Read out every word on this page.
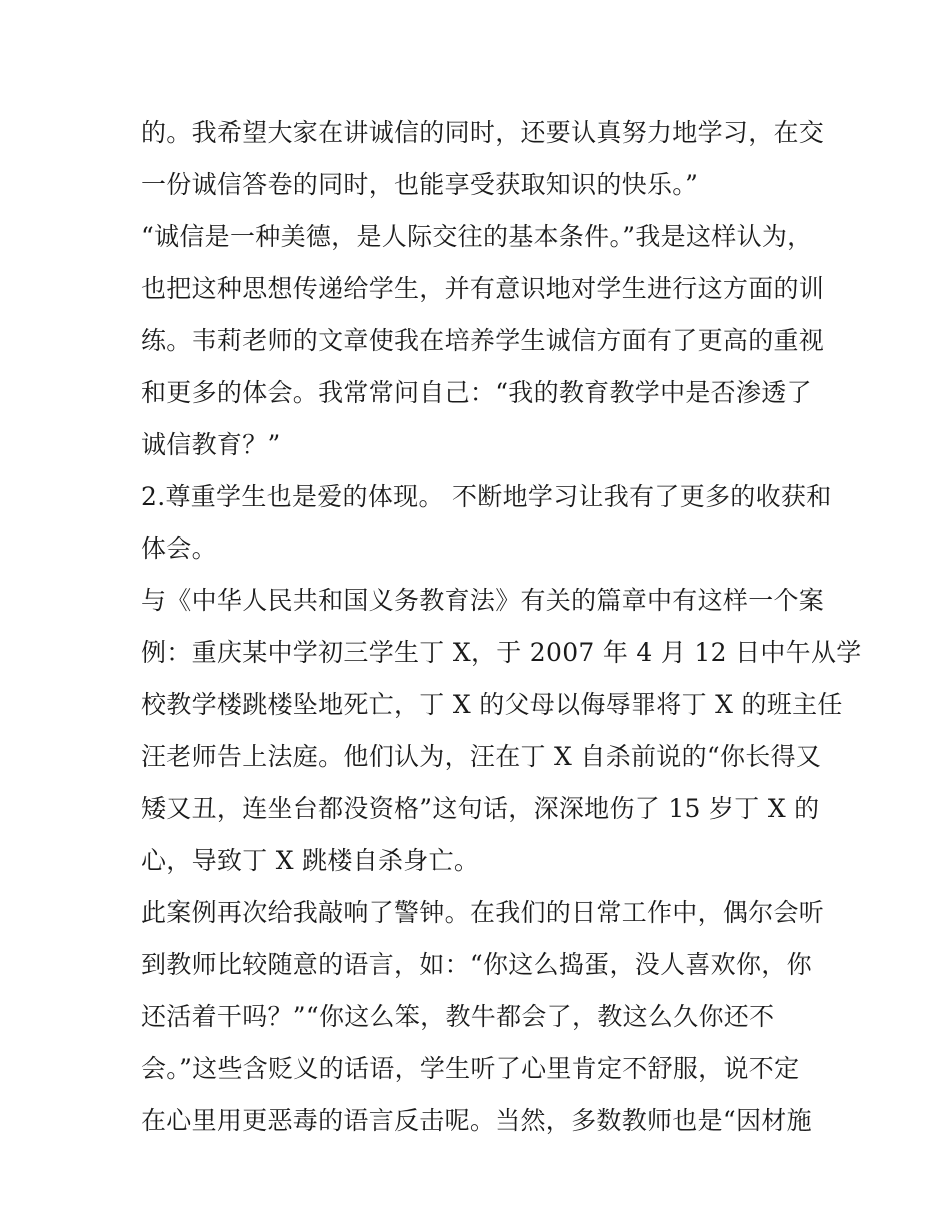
的。我希望大家在讲诚信的同时，还要认真努力地学习，在交
一份诚信答卷的同时，也能享受获取知识的快乐。”
“诚信是一种美德，是人际交往的基本条件。”我是这样认为，
也把这种思想传递给学生，并有意识地对学生进行这方面的训
练。韦莉老师的文章使我在培养学生诚信方面有了更高的重视
和更多的体会。我常常问自己：“我的教育教学中是否渗透了
诚信教育？”
2.尊重学生也是爱的体现。 不断地学习让我有了更多的收获和
体会。
与《中华人民共和国义务教育法》有关的篇章中有这样一个案
例：重庆某中学初三学生丁 X，于 2007 年 4 月 12 日中午从学
校教学楼跳楼坠地死亡，丁 X 的父母以侮辱罪将丁 X 的班主任
汪老师告上法庭。他们认为，汪在丁 X 自杀前说的“你长得又
矮又丑，连坐台都没资格”这句话，深深地伤了 15 岁丁 X 的
心，导致丁 X 跳楼自杀身亡。
此案例再次给我敲响了警钟。在我们的日常工作中，偶尔会听
到教师比较随意的语言，如：“你这么捣蛋，没人喜欢你，你
还活着干吗？”“你这么笨，教牛都会了，教这么久你还不
会。”这些含贬义的话语，学生听了心里肯定不舒服，说不定
在心里用更恶毒的语言反击呢。当然，多数教师也是“因材施
